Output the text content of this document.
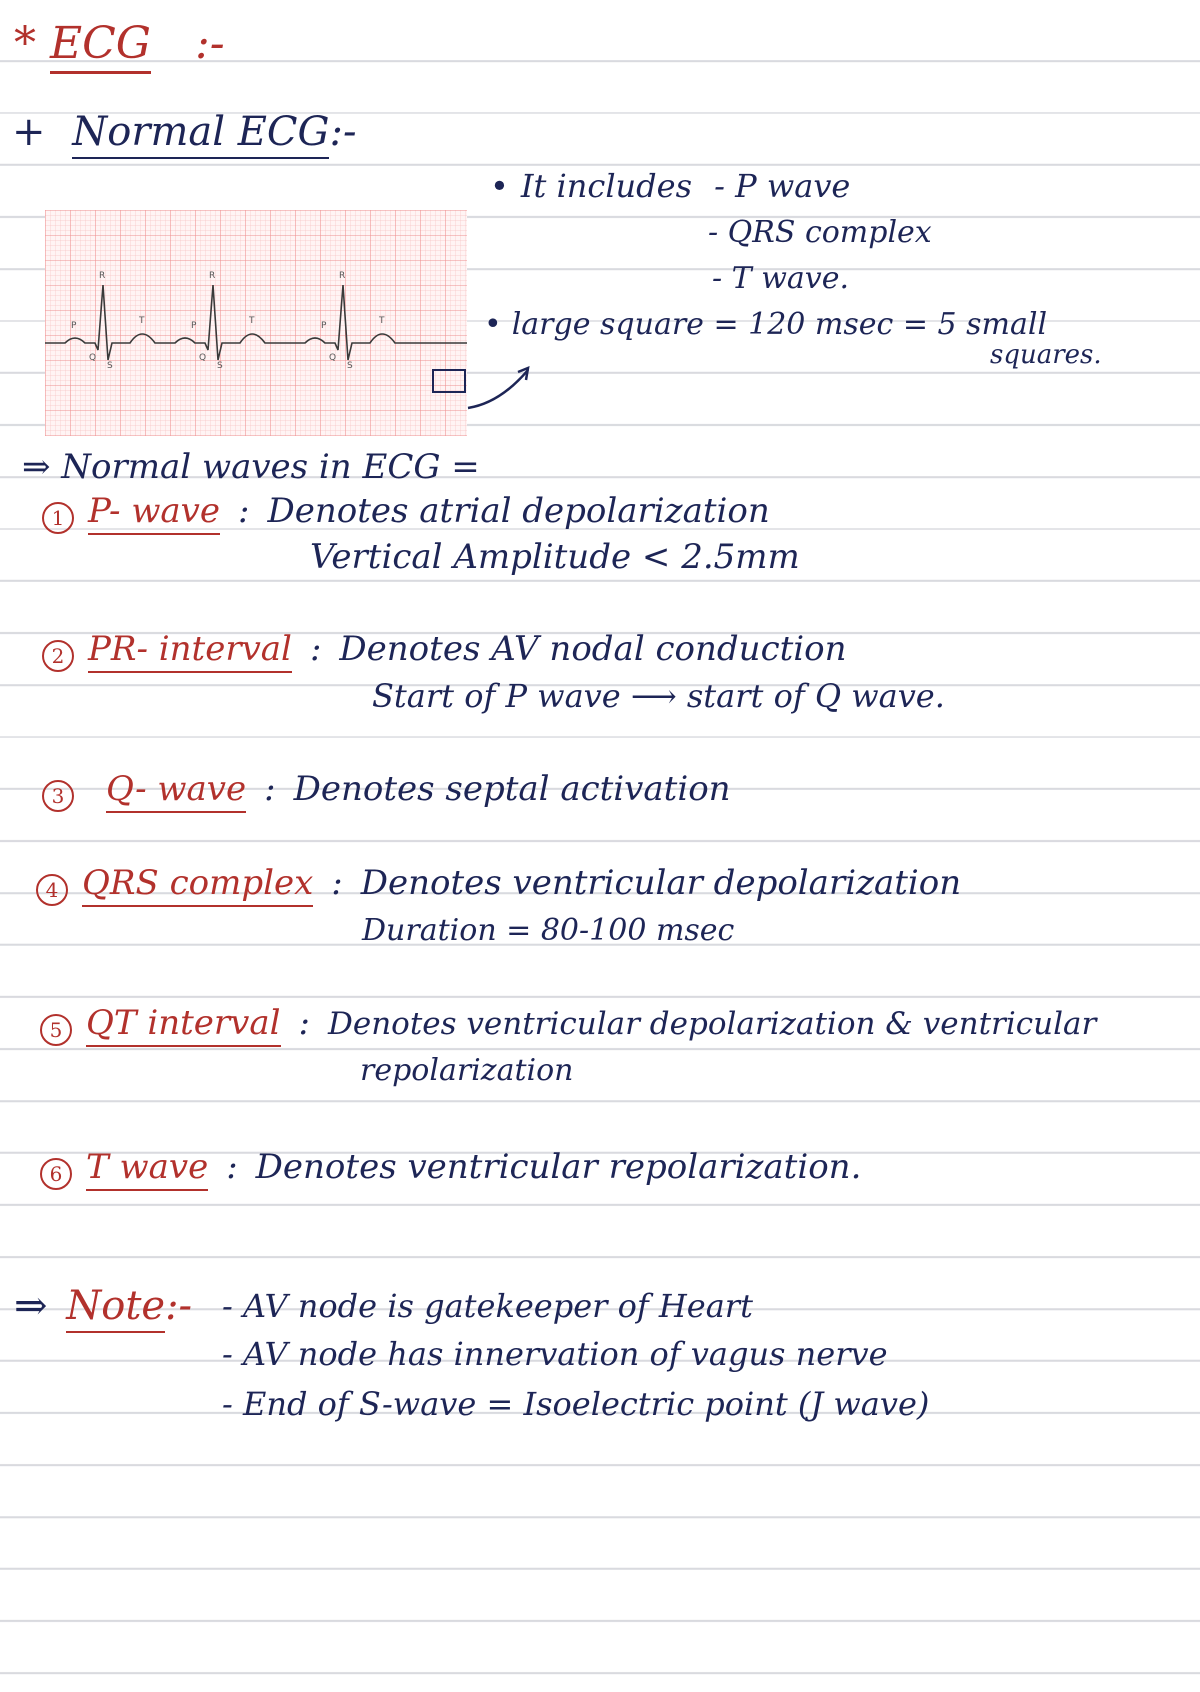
* ECG :-
+ Normal ECG:-
P
R
Q
S
T	P
R
Q
S
T	P
R
Q
S
T
• It includes - P wave
- QRS complex
- T wave.
• large square = 120 msec = 5 small
squares.
⇒ Normal waves in ECG =
1 P- wave : Denotes atrial depolarization
Vertical Amplitude < 2.5mm
2 PR- interval : Denotes AV nodal conduction
Start of P wave ⟶ start of Q wave.
3 Q- wave : Denotes septal activation
4 QRS complex : Denotes ventricular depolarization
Duration = 80-100 msec
5 QT interval : Denotes ventricular depolarization & ventricular
repolarization
6 T wave : Denotes ventricular repolarization.
⇒ Note:- - AV node is gatekeeper of Heart
- AV node has innervation of vagus nerve
- End of S-wave = Isoelectric point (J wave)
